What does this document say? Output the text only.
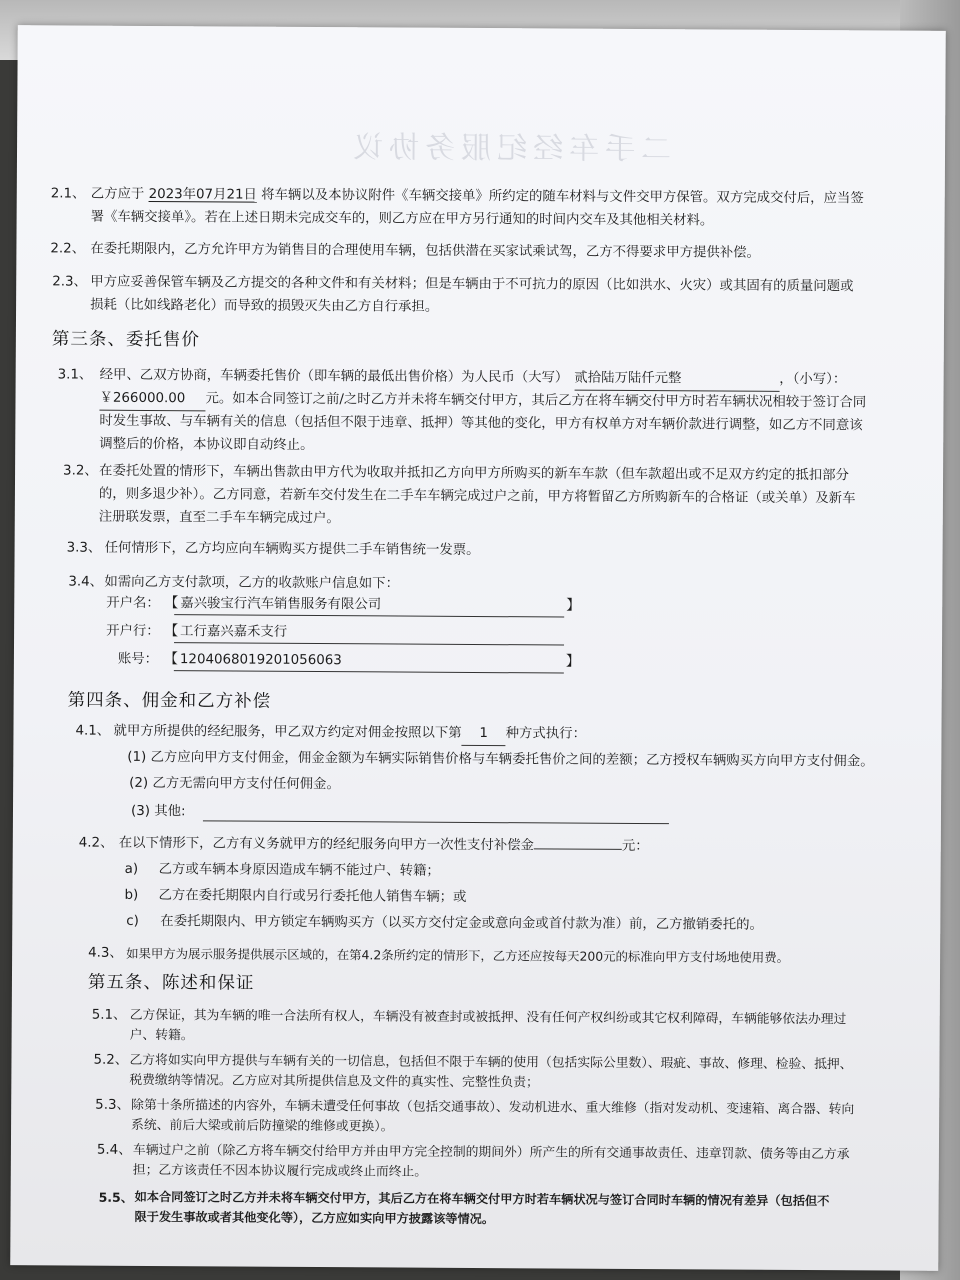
二手车经纪服务协议
2.1、 乙方应于 2023年07月21日 将车辆以及本协议附件《车辆交接单》所约定的随车材料与文件交甲方保管。双方完成交付后，应当签
署《车辆交接单》。若在上述日期未完成交车的，则乙方应在甲方另行通知的时间内交车及其他相关材料。
2.2、 在委托期限内，乙方允许甲方为销售目的合理使用车辆，包括供潜在买家试乘试驾，乙方不得要求甲方提供补偿。
2.3、 甲方应妥善保管车辆及乙方提交的各种文件和有关材料；但是车辆由于不可抗力的原因（比如洪水、火灾）或其固有的质量问题或
损耗（比如线路老化）而导致的损毁灭失由乙方自行承担。
第三条、委托售价
3.1、 经甲、乙双方协商，车辆委托售价（即车辆的最低出售价格）为人民币（大写） 贰拾陆万陆仟元整	，（小写）：
￥266000.00 元。如本合同签订之前/之时乙方并未将车辆交付甲方，其后乙方在将车辆交付甲方时若车辆状况相较于签订合同
时发生事故、与车辆有关的信息（包括但不限于违章、抵押）等其他的变化，甲方有权单方对车辆价款进行调整，如乙方不同意该
调整后的价格，本协议即自动终止。
3.2、 在委托处置的情形下，车辆出售款由甲方代为收取并抵扣乙方向甲方所购买的新车车款（但车款超出或不足双方约定的抵扣部分
的，则多退少补）。乙方同意，若新车交付发生在二手车车辆完成过户之前，甲方将暂留乙方所购新车的合格证（或关单）及新车
注册联发票，直至二手车车辆完成过户。
3.3、 任何情形下，乙方均应向车辆购买方提供二手车销售统一发票。
3.4、 如需向乙方支付款项，乙方的收款账户信息如下：
开户名： 【 嘉兴骏宝行汽车销售服务有限公司	】
开户行： 【 工行嘉兴嘉禾支行
账号： 【 1204068019201056063	】
第四条、佣金和乙方补偿
4.1、 就甲方所提供的经纪服务，甲乙双方约定对佣金按照以下第 1 种方式执行：
(1) 乙方应向甲方支付佣金，佣金金额为车辆实际销售价格与车辆委托售价之间的差额；乙方授权车辆购买方向甲方支付佣金。
(2) 乙方无需向甲方支付任何佣金。
(3) 其他:
4.2、 在以下情形下，乙方有义务就甲方的经纪服务向甲方一次性支付补偿金	元：
a) 乙方或车辆本身原因造成车辆不能过户、转籍；
b) 乙方在委托期限内自行或另行委托他人销售车辆；或
c) 在委托期限内、甲方锁定车辆购买方（以买方交付定金或意向金或首付款为准）前，乙方撤销委托的。
4.3、 如果甲方为展示服务提供展示区域的，在第4.2条所约定的情形下，乙方还应按每天200元的标准向甲方支付场地使用费。
第五条、陈述和保证
5.1、 乙方保证，其为车辆的唯一合法所有权人，车辆没有被查封或被抵押、没有任何产权纠纷或其它权利障碍，车辆能够依法办理过
户、转籍。
5.2、 乙方将如实向甲方提供与车辆有关的一切信息，包括但不限于车辆的使用（包括实际公里数）、瑕疵、事故、修理、检验、抵押、
税费缴纳等情况。乙方应对其所提供信息及文件的真实性、完整性负责；
5.3、 除第十条所描述的内容外，车辆未遭受任何事故（包括交通事故）、发动机进水、重大维修（指对发动机、变速箱、离合器、转向
系统、前后大梁或前后防撞梁的维修或更换）。
5.4、 车辆过户之前（除乙方将车辆交付给甲方并由甲方完全控制的期间外）所产生的所有交通事故责任、违章罚款、债务等由乙方承
担；乙方该责任不因本协议履行完成或终止而终止。
5.5、 如本合同签订之时乙方并未将车辆交付甲方，其后乙方在将车辆交付甲方时若车辆状况与签订合同时车辆的情况有差异（包括但不
限于发生事故或者其他变化等），乙方应如实向甲方披露该等情况。
